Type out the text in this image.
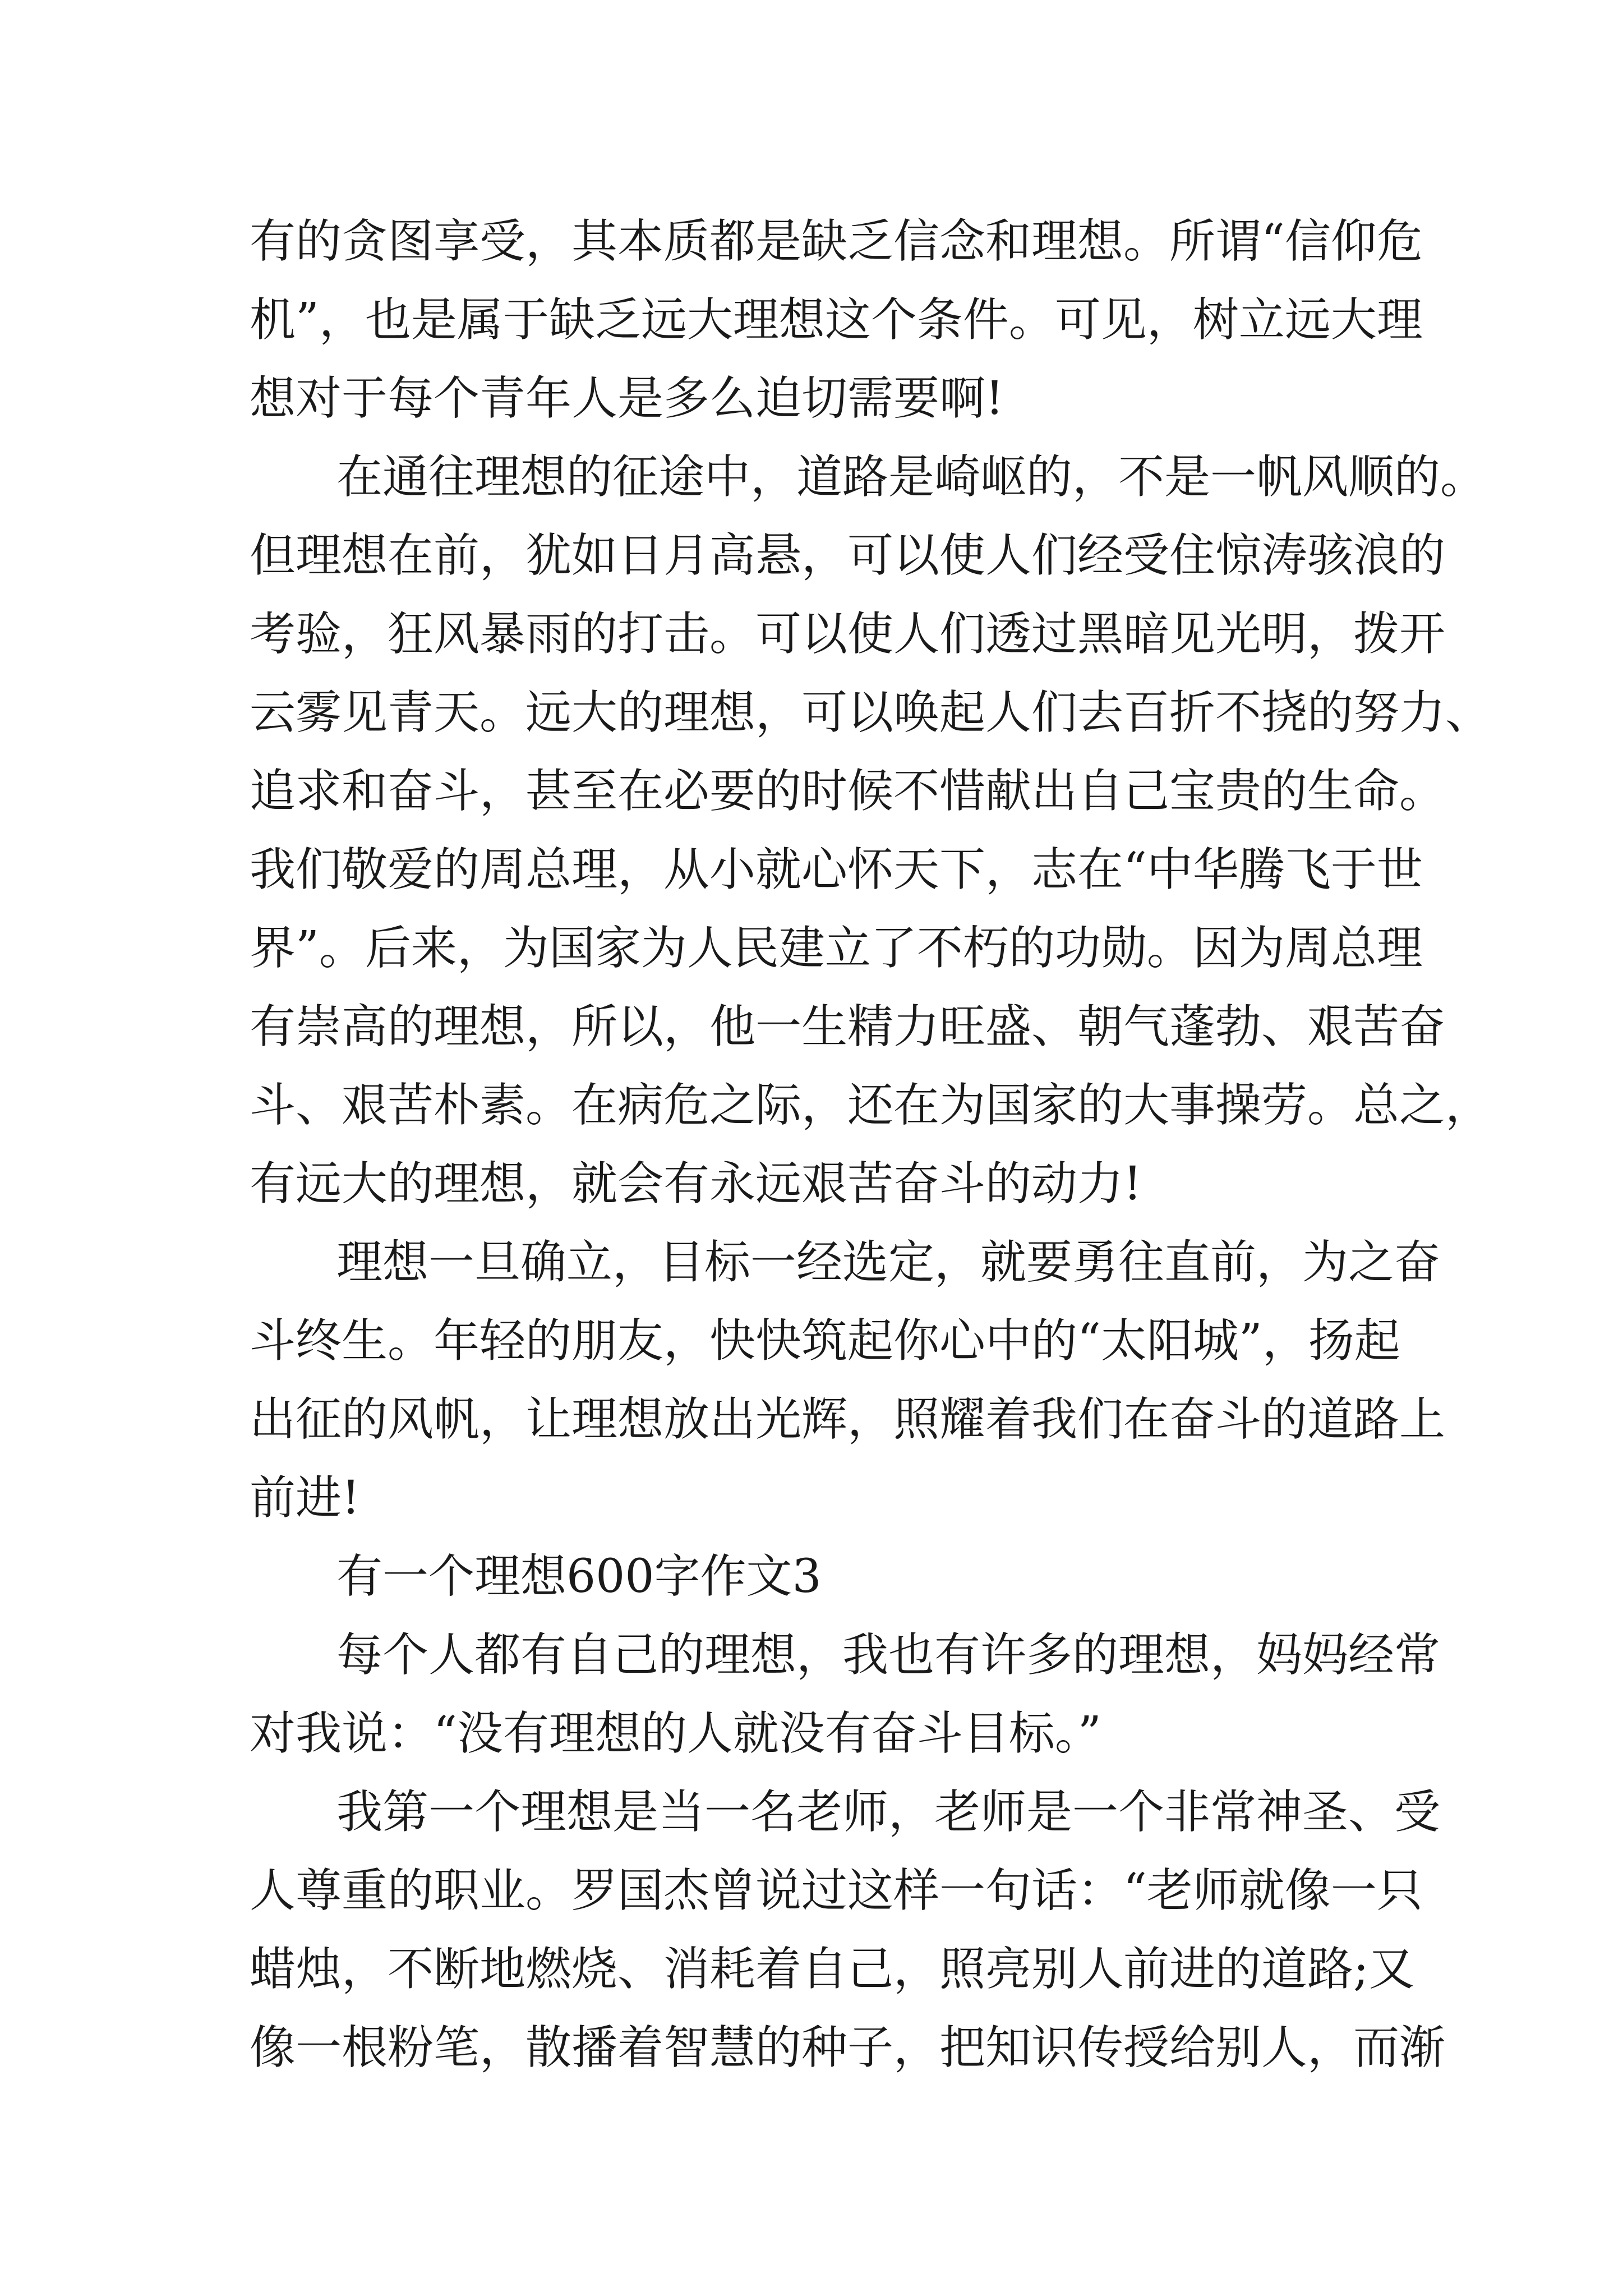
有的贪图享受，其本质都是缺乏信念和理想。所谓“信仰危
机”，也是属于缺乏远大理想这个条件。可见，树立远大理
想对于每个青年人是多么迫切需要啊!
在通往理想的征途中，道路是崎岖的，不是一帆风顺的。
但理想在前，犹如日月高悬，可以使人们经受住惊涛骇浪的
考验，狂风暴雨的打击。可以使人们透过黑暗见光明，拨开
云雾见青天。远大的理想，可以唤起人们去百折不挠的努力、
追求和奋斗，甚至在必要的时候不惜献出自己宝贵的生命。
我们敬爱的周总理，从小就心怀天下，志在“中华腾飞于世
界”。后来，为国家为人民建立了不朽的功勋。因为周总理
有崇高的理想，所以，他一生精力旺盛、朝气蓬勃、艰苦奋
斗、艰苦朴素。在病危之际，还在为国家的大事操劳。总之，
有远大的理想，就会有永远艰苦奋斗的动力!
理想一旦确立，目标一经选定，就要勇往直前，为之奋
斗终生。年轻的朋友，快快筑起你心中的“太阳城”，扬起
出征的风帆，让理想放出光辉，照耀着我们在奋斗的道路上
前进!
有一个理想600字作文3
每个人都有自己的理想，我也有许多的理想，妈妈经常
对我说：“没有理想的人就没有奋斗目标。”
我第一个理想是当一名老师，老师是一个非常神圣、受
人尊重的职业。罗国杰曾说过这样一句话：“老师就像一只
蜡烛，不断地燃烧、消耗着自己，照亮别人前进的道路;又
像一根粉笔，散播着智慧的种子，把知识传授给别人，而渐
